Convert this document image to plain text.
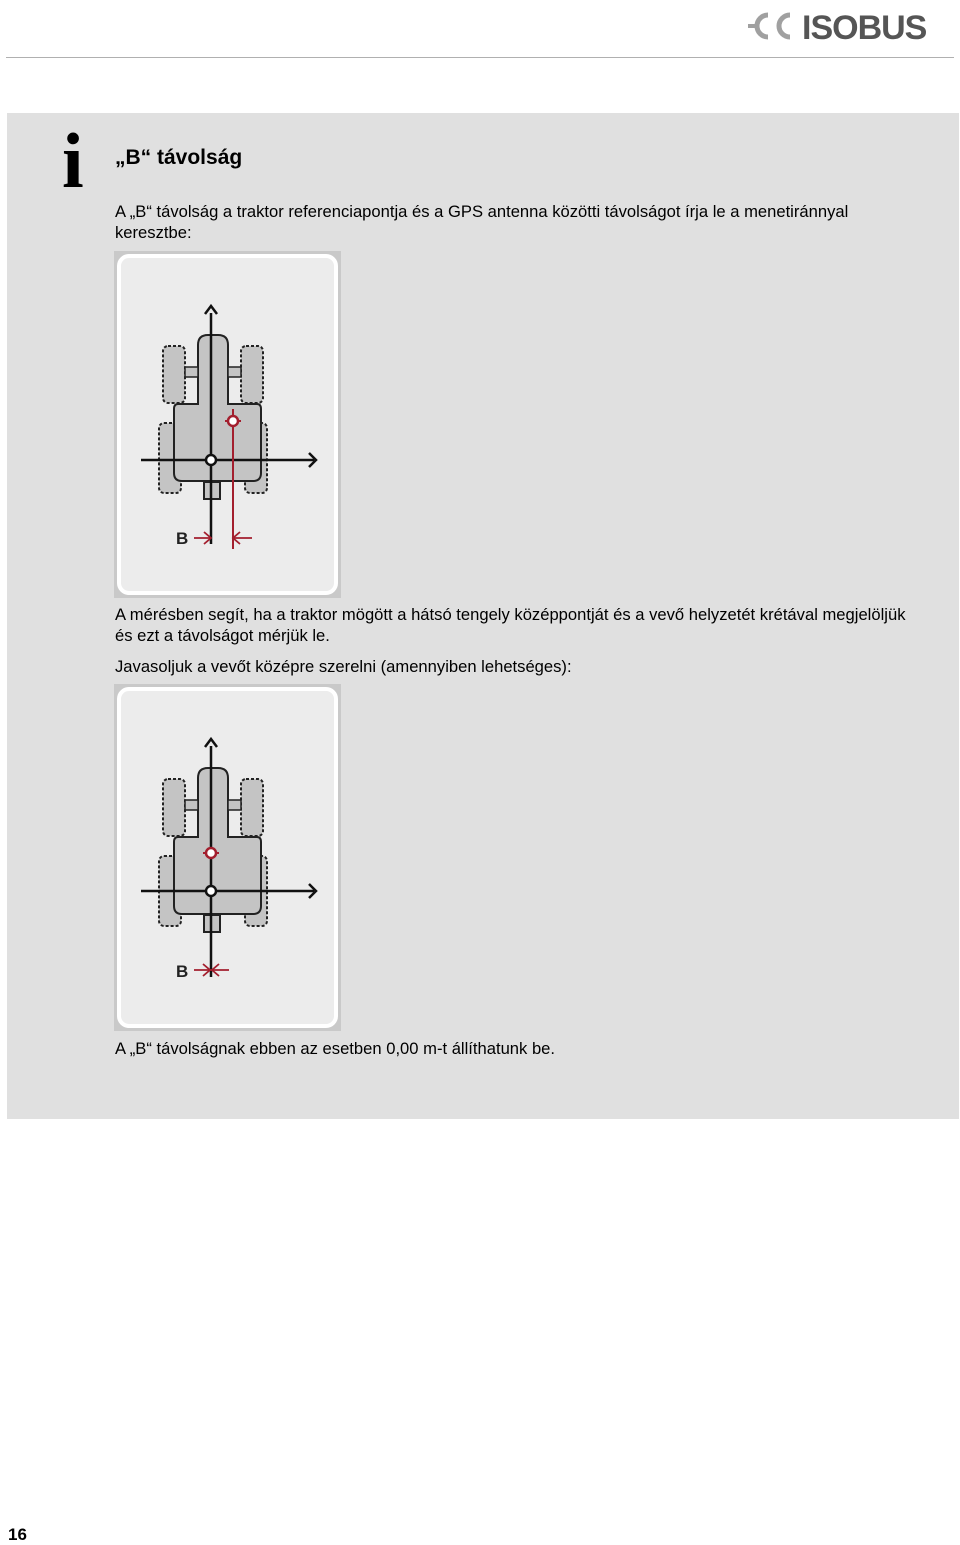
ISOBUS
i „B“ távolság
A „B“ távolság a traktor referenciapontja és a GPS antenna közötti távolságot írja le a menetiránnyal keresztbe:
B
A mérésben segít, ha a traktor mögött a hátsó tengely középpontját és a vevő helyzetét krétával megjelöljük és ezt a távolságot mérjük le.
Javasoljuk a vevőt középre szerelni (amennyiben lehetséges):
B
A „B“ távolságnak ebben az esetben 0,00 m-t állíthatunk be.
16
